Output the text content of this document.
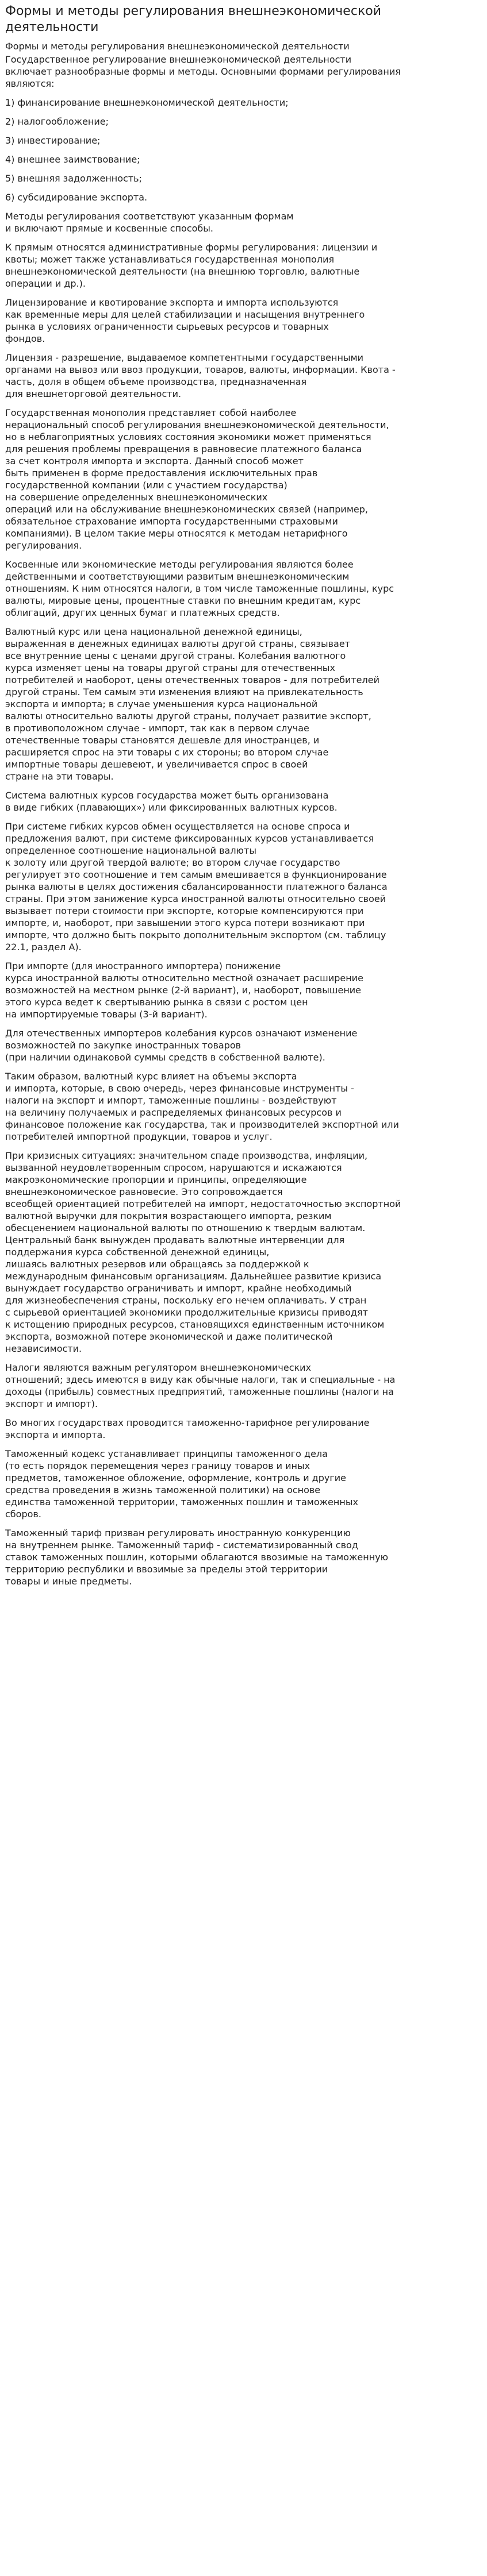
Формы и методы регулирования внешнеэкономической
деятельности

Формы и методы регулирования внешнеэкономической деятельности

Государственное регулирование внешнеэкономической деятельности
включает разнообразные формы и методы. Основными формами регулирования
являются:

1) финансирование внешнеэкономической деятельности;

2) налогообложение;

3) инвестирование;

4) внешнее заимствование;

5) внешняя задолженность;

6) субсидирование экспорта.

Методы регулирования соответствуют указанным формам
и включают прямые и косвенные способы.

К прямым относятся административные формы регулирования: лицензии и
квоты; может также устанавливаться государственная монополия
внешнеэкономической деятельности (на внешнюю торговлю, валютные
операции и др.).

Лицензирование и квотирование экспорта и импорта используются
как временные меры для целей стабилизации и насыщения внутреннего
рынка в условиях ограниченности сырьевых ресурсов и товарных
фондов.

Лицензия - разрешение, выдаваемое компетентными государственными
органами на вывоз или ввоз продукции, товаров, валюты, информации. Квота -
часть, доля в общем объеме производства, предназначенная
для внешнеторговой деятельности.

Государственная монополия представляет собой наиболее
нерациональный способ регулирования внешнеэкономической деятельности,
но в неблагоприятных условиях состояния экономики может применяться
для решения проблемы превращения в равновесие платежного баланса
за счет контроля импорта и экспорта. Данный способ может
быть применен в форме предоставления исключительных прав
государственной компании (или с участием государства)
на совершение определенных внешнеэкономических
операций или на обслуживание внешнеэкономических связей (например,
обязательное страхование импорта государственными страховыми
компаниями). В целом такие меры относятся к методам нетарифного
регулирования.

Косвенные или экономические методы регулирования являются более
действенными и соответствующими развитым внешнеэкономическим
отношениям. К ним относятся налоги, в том числе таможенные пошлины, курс
валюты, мировые цены, процентные ставки по внешним кредитам, курс
облигаций, других ценных бумаг и платежных средств.

Валютный курс или цена национальной денежной единицы,
выраженная в денежных единицах валюты другой страны, связывает
все внутренние цены с ценами другой страны. Колебания валютного
курса изменяет цены на товары другой страны для отечественных
потребителей и наоборот, цены отечественных товаров - для потребителей
другой страны. Тем самым эти изменения влияют на привлекательность
экспорта и импорта; в случае уменьшения курса национальной
валюты относительно валюты другой страны, получает развитие экспорт,
в противоположном случае - импорт, так как в первом случае
отечественные товары становятся дешевле для иностранцев, и
расширяется спрос на эти товары с их стороны; во втором случае
импортные товары дешевеют, и увеличивается спрос в своей
стране на эти товары.

Система валютных курсов государства может быть организована
в виде гибких (плавающих») или фиксированных валютных курсов.

При системе гибких курсов обмен осуществляется на основе спроса и
предложения валют, при системе фиксированных курсов устанавливается
определенное соотношение национальной валюты
к золоту или другой твердой валюте; во втором случае государство
регулирует это соотношение и тем самым вмешивается в функционирование
рынка валюты в целях достижения сбалансированности платежного баланса
страны. При этом занижение курса иностранной валюты относительно своей
вызывает потери стоимости при экспорте, которые компенсируются при
импорте, и, наоборот, при завышении этого курса потери возникают при
импорте, что должно быть покрыто дополнительным экспортом (см. таблицу
22.1, раздел А).

При импорте (для иностранного импортера) понижение
курса иностранной валюты относительно местной означает расширение
возможностей на местном рынке (2-й вариант), и, наоборот, повышение
этого курса ведет к свертыванию рынка в связи с ростом цен
на импортируемые товары (3-й вариант).

Для отечественных импортеров колебания курсов означают изменение
возможностей по закупке иностранных товаров
(при наличии одинаковой суммы средств в собственной валюте).

Таким образом, валютный курс влияет на объемы экспорта
и импорта, которые, в свою очередь, через финансовые инструменты -
налоги на экспорт и импорт, таможенные пошлины - воздействуют
на величину получаемых и распределяемых финансовых ресурсов и
финансовое положение как государства, так и производителей экспортной или
потребителей импортной продукции, товаров и услуг.

При кризисных ситуациях: значительном спаде производства, инфляции,
вызванной неудовлетворенным спросом, нарушаются и искажаются
макроэкономические пропорции и принципы, определяющие
внешнеэкономическое равновесие. Это сопровождается
всеобщей ориентацией потребителей на импорт, недостаточностью экспортной
валютной выручки для покрытия возрастающего импорта, резким
обесценением национальной валюты по отношению к твердым валютам.
Центральный банк вынужден продавать валютные интервенции для
поддержания курса собственной денежной единицы,
лишаясь валютных резервов или обращаясь за поддержкой к
международным финансовым организациям. Дальнейшее развитие кризиса
вынуждает государство ограничивать и импорт, крайне необходимый
для жизнеобеспечения страны, поскольку его нечем оплачивать. У стран
с сырьевой ориентацией экономики продолжительные кризисы приводят
к истощению природных ресурсов, становящихся единственным источником
экспорта, возможной потере экономической и даже политической
независимости.

Налоги являются важным регулятором внешнеэкономических
отношений; здесь имеются в виду как обычные налоги, так и специальные - на
доходы (прибыль) совместных предприятий, таможенные пошлины (налоги на
экспорт и импорт).

Во многих государствах проводится таможенно-тарифное регулирование
экспорта и импорта.

Таможенный кодекс устанавливает принципы таможенного дела
(то есть порядок перемещения через границу товаров и иных
предметов, таможенное обложение, оформление, контроль и другие
средства проведения в жизнь таможенной политики) на основе
единства таможенной территории, таможенных пошлин и таможенных
сборов.

Таможенный тариф призван регулировать иностранную конкуренцию
на внутреннем рынке. Таможенный тариф - систематизированный свод
ставок таможенных пошлин, которыми облагаются ввозимые на таможенную
территорию республики и ввозимые за пределы этой территории
товары и иные предметы.
